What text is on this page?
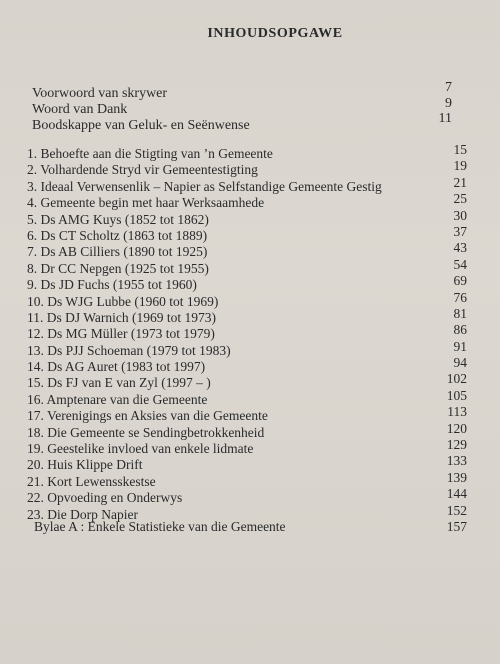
INHOUDSOPGAWE
Voorwoord van skrywer	7
Woord van Dank	9
Boodskappe van Geluk- en Seënwense	11
1. Behoefte aan die Stigting van ’n Gemeente	15
2. Volhardende Stryd vir Gemeentestigting	19
3. Ideaal Verwensenlik – Napier as Selfstandige Gemeente Gestig	21
4. Gemeente begin met haar Werksaamhede	25
5. Ds AMG Kuys (1852 tot 1862)	30
6. Ds CT Scholtz (1863 tot 1889)	37
7. Ds AB Cilliers (1890 tot 1925)	43
8. Dr CC Nepgen (1925 tot 1955)	54
9. Ds JD Fuchs (1955 tot 1960)	69
10. Ds WJG Lubbe (1960 tot 1969)	76
11. Ds DJ Warnich (1969 tot 1973)	81
12. Ds MG Müller (1973 tot 1979)	86
13. Ds PJJ Schoeman (1979 tot 1983)	91
14. Ds AG Auret (1983 tot 1997)	94
15. Ds FJ van E van Zyl (1997 – )	102
16. Amptenare van die Gemeente	105
17. Verenigings en Aksies van die Gemeente	113
18. Die Gemeente se Sendingbetrokkenheid	120
19. Geestelike invloed van enkele lidmate	129
20. Huis Klippe Drift	133
21. Kort Lewensskestse	139
22. Opvoeding en Onderwys	144
23. Die Dorp Napier	152
Bylae A : Enkele Statistieke van die Gemeente	157
